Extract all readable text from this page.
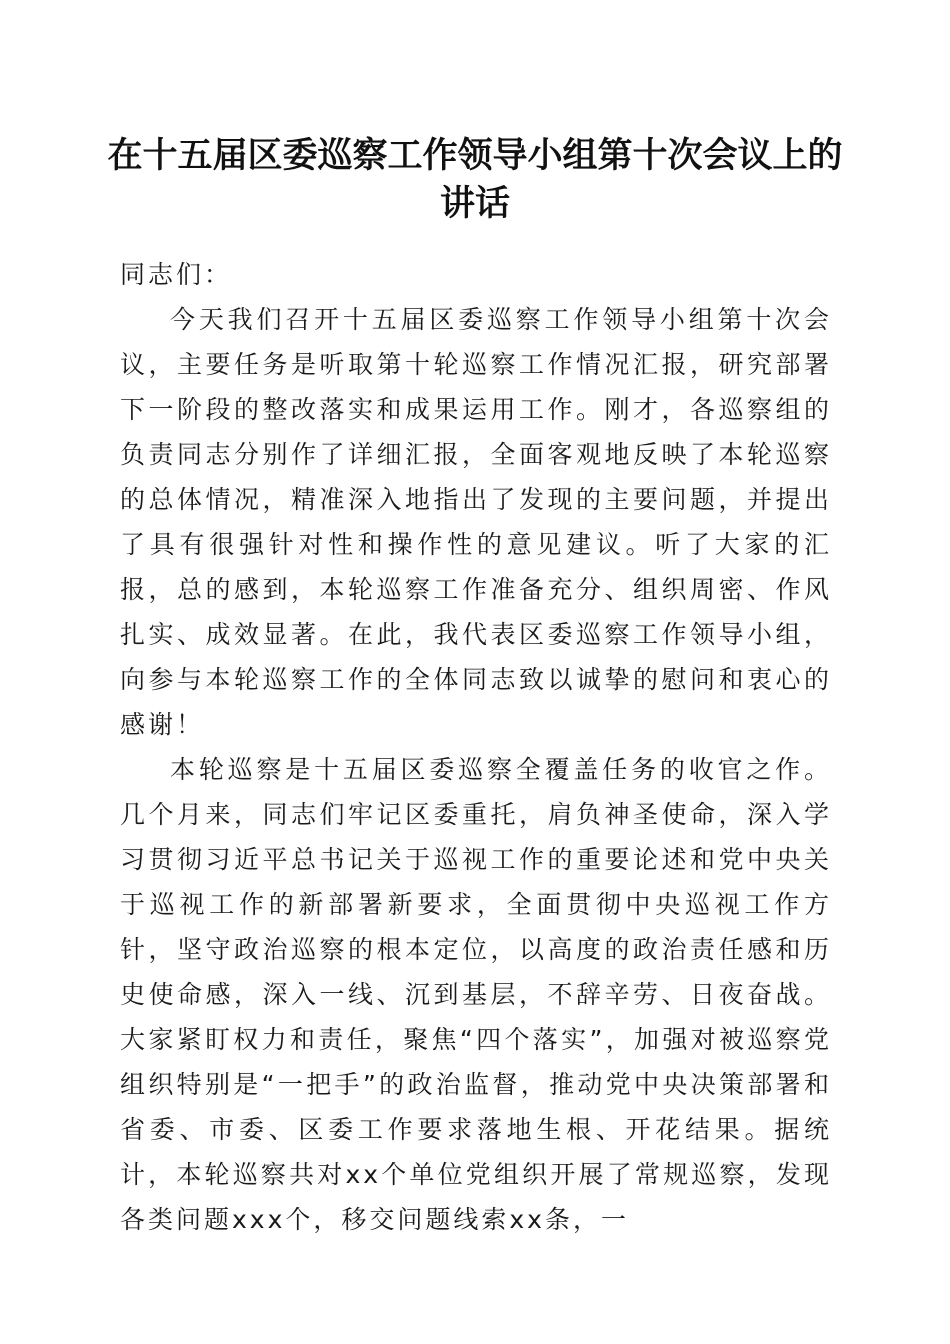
在十五届区委巡察工作领导小组第十次会议上的讲话

同志们：

今天我们召开十五届区委巡察工作领导小组第十次会议，主要任务是听取第十轮巡察工作情况汇报，研究部署下一阶段的整改落实和成果运用工作。刚才，各巡察组的负责同志分别作了详细汇报，全面客观地反映了本轮巡察的总体情况，精准深入地指出了发现的主要问题，并提出了具有很强针对性和操作性的意见建议。听了大家的汇报，总的感到，本轮巡察工作准备充分、组织周密、作风扎实、成效显著。在此，我代表区委巡察工作领导小组，向参与本轮巡察工作的全体同志致以诚挚的慰问和衷心的感谢！

本轮巡察是十五届区委巡察全覆盖任务的收官之作。几个月来，同志们牢记区委重托，肩负神圣使命，深入学习贯彻习近平总书记关于巡视工作的重要论述和党中央关于巡视工作的新部署新要求，全面贯彻中央巡视工作方针，坚守政治巡察的根本定位，以高度的政治责任感和历史使命感，深入一线、沉到基层，不辞辛劳、日夜奋战。大家紧盯权力和责任，聚焦“四个落实”，加强对被巡察党组织特别是“一把手”的政治监督，推动党中央决策部署和省委、市委、区委工作要求落地生根、开花结果。据统计，本轮巡察共对xx个单位党组织开展了常规巡察，发现各类问题xxx个，移交问题线索xx条，一
